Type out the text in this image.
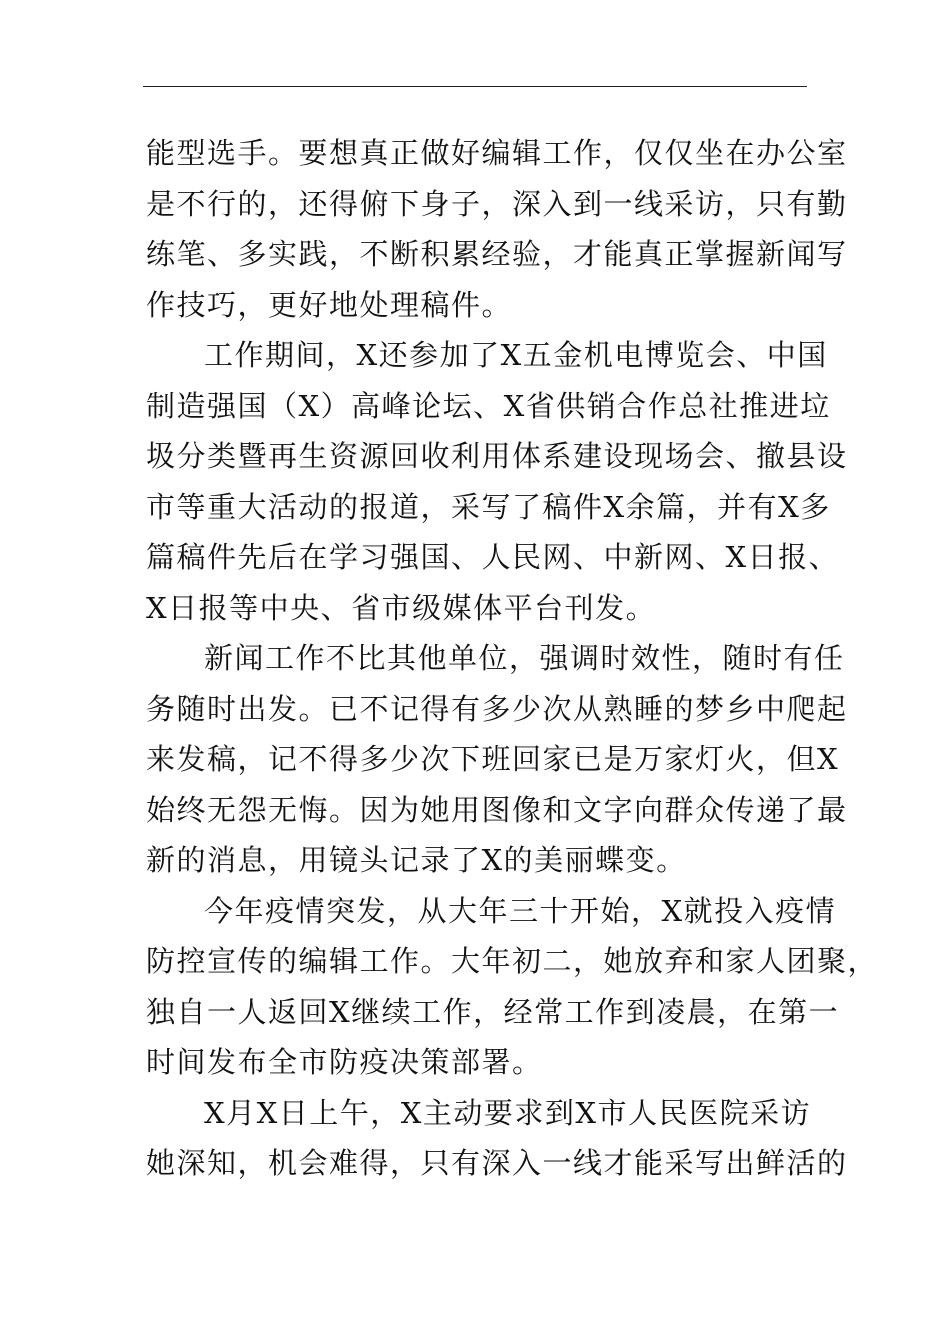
能型选手。要想真正做好编辑工作，仅仅坐在办公室
是不行的，还得俯下身子，深入到一线采访，只有勤
练笔、多实践，不断积累经验，才能真正掌握新闻写
作技巧，更好地处理稿件。
工作期间，X还参加了X五金机电博览会、中国
制造强国（X）高峰论坛、X省供销合作总社推进垃
圾分类暨再生资源回收利用体系建设现场会、撤县设
市等重大活动的报道，采写了稿件X余篇，并有X多
篇稿件先后在学习强国、人民网、中新网、X日报、
X日报等中央、省市级媒体平台刊发。
新闻工作不比其他单位，强调时效性，随时有任
务随时出发。已不记得有多少次从熟睡的梦乡中爬起
来发稿，记不得多少次下班回家已是万家灯火，但X
始终无怨无悔。因为她用图像和文字向群众传递了最
新的消息，用镜头记录了X的美丽蝶变。
今年疫情突发，从大年三十开始，X就投入疫情
防控宣传的编辑工作。大年初二，她放弃和家人团聚，
独自一人返回X继续工作，经常工作到凌晨，在第一
时间发布全市防疫决策部署。
X月X日上午，X主动要求到X市人民医院采访
她深知，机会难得，只有深入一线才能采写出鲜活的
